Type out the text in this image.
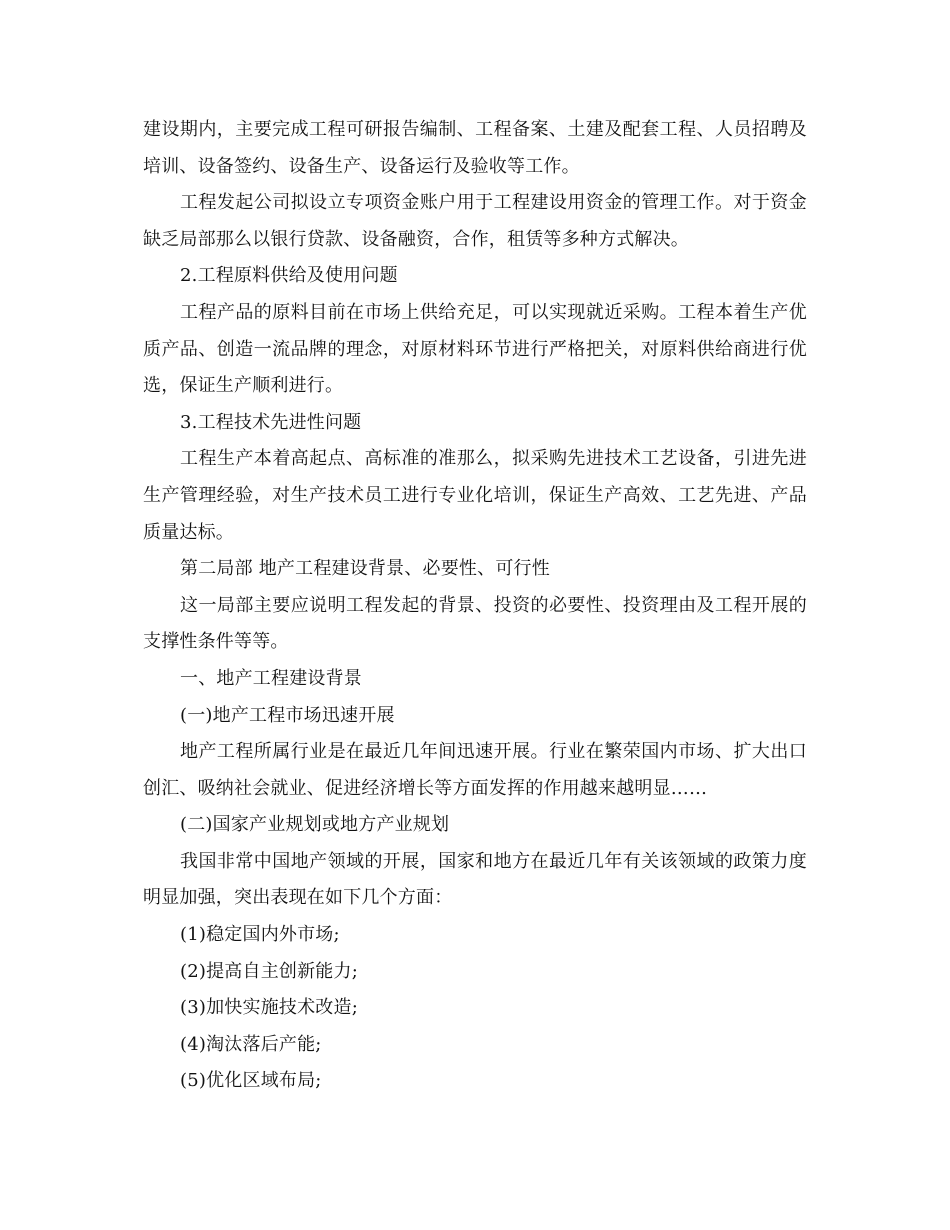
建设期内，主要完成工程可研报告编制、工程备案、土建及配套工程、人员招聘及培训、设备签约、设备生产、设备运行及验收等工作。

工程发起公司拟设立专项资金账户用于工程建设用资金的管理工作。对于资金缺乏局部那么以银行贷款、设备融资，合作，租赁等多种方式解决。

2.工程原料供给及使用问题

工程产品的原料目前在市场上供给充足，可以实现就近采购。工程本着生产优质产品、创造一流品牌的理念，对原材料环节进行严格把关，对原料供给商进行优选，保证生产顺利进行。

3.工程技术先进性问题

工程生产本着高起点、高标准的准那么，拟采购先进技术工艺设备，引进先进生产管理经验，对生产技术员工进行专业化培训，保证生产高效、工艺先进、产品质量达标。

第二局部 地产工程建设背景、必要性、可行性

这一局部主要应说明工程发起的背景、投资的必要性、投资理由及工程开展的支撑性条件等等。

一、地产工程建设背景

(一)地产工程市场迅速开展

地产工程所属行业是在最近几年间迅速开展。行业在繁荣国内市场、扩大出口创汇、吸纳社会就业、促进经济增长等方面发挥的作用越来越明显……

(二)国家产业规划或地方产业规划

我国非常中国地产领域的开展，国家和地方在最近几年有关该领域的政策力度明显加强，突出表现在如下几个方面：

(1)稳定国内外市场;

(2)提高自主创新能力;

(3)加快实施技术改造;

(4)淘汰落后产能;

(5)优化区域布局;
